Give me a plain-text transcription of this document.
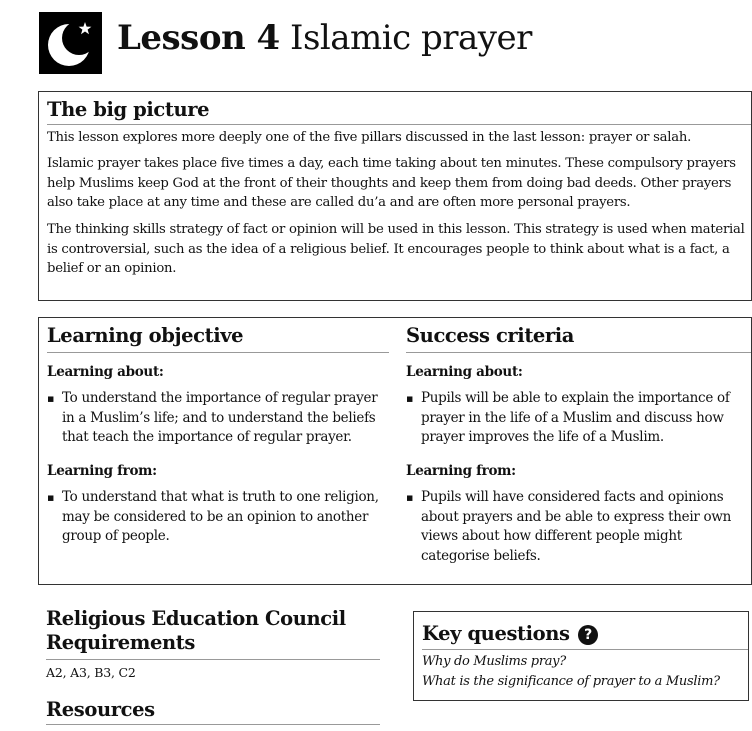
Lesson 4 Islamic prayer
The big picture

This lesson explores more deeply one of the five pillars discussed in the last lesson: prayer or salah.

Islamic prayer takes place five times a day, each time taking about ten minutes. These compulsory prayers help Muslims keep God at the front of their thoughts and keep them from doing bad deeds. Other prayers also take place at any time and these are called du’a and are often more personal prayers.

The thinking skills strategy of fact or opinion will be used in this lesson. This strategy is used when material is controversial, such as the idea of a religious belief. It encourages people to think about what is a fact, a belief or an opinion.

Learning objective

Learning about:

▪ To understand the importance of regular prayer in a Muslim’s life; and to understand the beliefs that teach the importance of regular prayer.

Learning from:

▪ To understand that what is truth to one religion, may be considered to be an opinion to another group of people.

Success criteria

Learning about:

▪ Pupils will be able to explain the importance of prayer in the life of a Muslim and discuss how prayer improves the life of a Muslim.

Learning from:

▪ Pupils will have considered facts and opinions about prayers and be able to express their own views about how different people might categorise beliefs.

Religious Education Council Requirements

A2, A3, B3, C2

Resources
Key questions ?

Why do Muslims pray?

What is the significance of prayer to a Muslim?
